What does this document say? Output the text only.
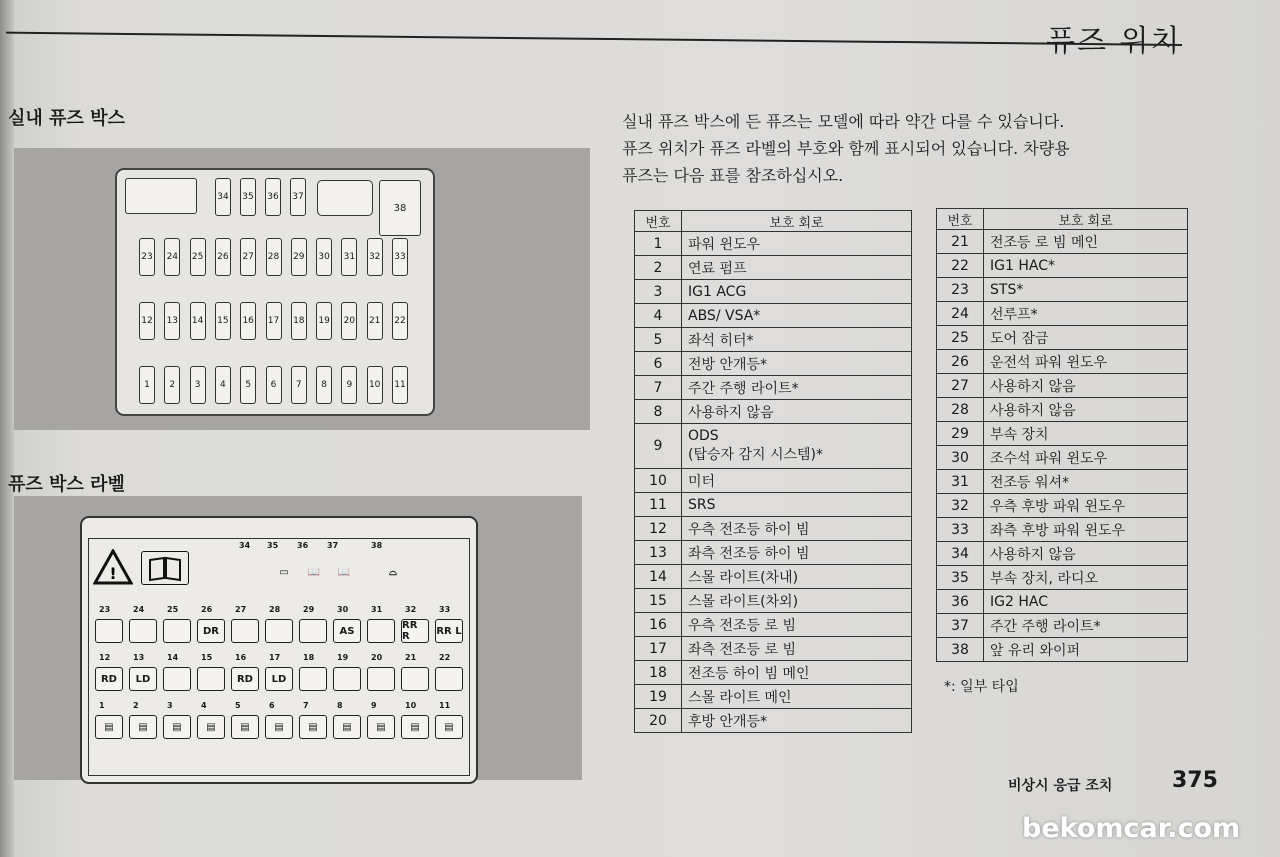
퓨즈 위치
실내 퓨즈 박스
34 35 36 37
38
23 24 25 26 27 28 29 30 31 32 33
12 13 14 15 16 17 18 19 20 21 22
1	2	3	4	5	6	7	8	9	10 11
퓨즈 박스 라벨
!
34 35 36 37	38
▭	📖	📖	⌓
23	24	25	26
DR
27	28	29	30
AS
31	32
RR R
33
RR L
12
RD
13
LD
14	15	16
RD
17
LD
18	19	20	21	22
1
▤
2
▤
3
▤
4
▤
5
▤
6
▤
7
▤
8
▤
9
▤
10
▤
11
▤
실내 퓨즈 박스에 든 퓨즈는 모델에 따라 약간 다를 수 있습니다.
퓨즈 위치가 퓨즈 라벨의 부호와 함께 표시되어 있습니다. 차량용
퓨즈는 다음 표를 참조하십시오.
번호	보호 회로
1	파워 윈도우
2	연료 펌프
3	IG1 ACG
4	ABS/ VSA*
5	좌석 히터*
6	전방 안개등*
7	주간 주행 라이트*
8	사용하지 않음
9	ODS
(탑승자 감지 시스템)*

10	미터
11	SRS
12	우측 전조등 하이 빔
13	좌측 전조등 하이 빔
14	스몰 라이트(차내)
15	스몰 라이트(차외)
16	우측 전조등 로 빔
17	좌측 전조등 로 빔
18	전조등 하이 빔 메인
19	스몰 라이트 메인
20	후방 안개등*
번호	보호 회로
21	전조등 로 빔 메인
22	IG1 HAC*
23	STS*
24	선루프*
25	도어 잠금
26	운전석 파워 윈도우
27	사용하지 않음
28	사용하지 않음
29	부속 장치
30	조수석 파워 윈도우
31	전조등 워셔*
32	우측 후방 파워 윈도우
33	좌측 후방 파워 윈도우
34	사용하지 않음
35	부속 장치, 라디오
36	IG2 HAC
37	주간 주행 라이트*
38	앞 유리 와이퍼
*: 일부 타입
비상시 응급 조치	375
bekomcar.com
